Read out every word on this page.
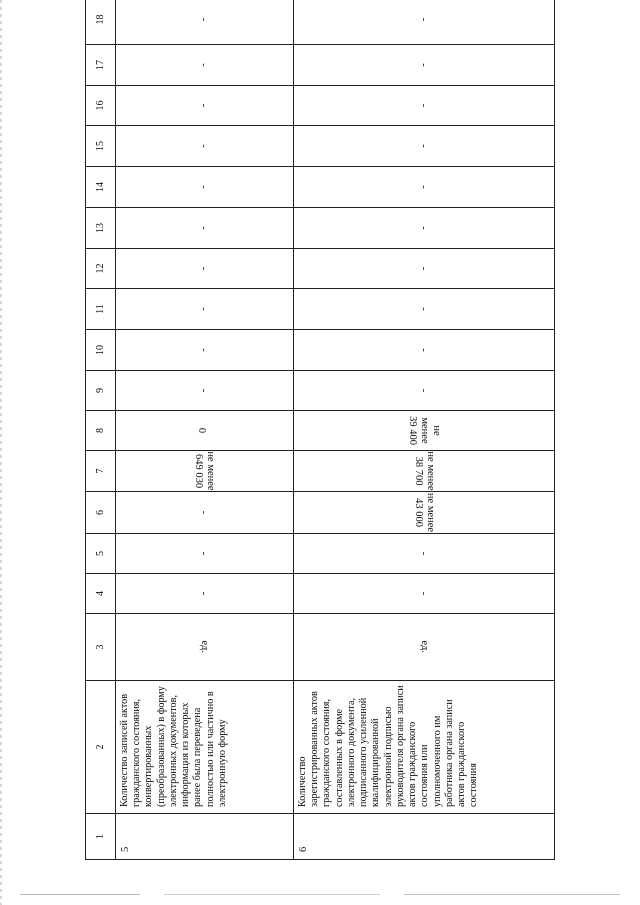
1	2	3	4	5	6	7	8	9	10	11	12	13	14	15	16	17	18
5	Количество записей актов гражданского состояния, конвертированных (преобразованных) в форму электронных документов, информация из которых ранее была переведена полностью или частично в электронную форму	ед.	-	-	-	не менее 649 030	0	-	-	-	-	-	-	-	-	-	-
6	Количество зарегистрированных актов гражданского состояния, составленных в форме электронного документа, подписанного усиленной квалифицированной электронной подписью руководителя органа записи актов гражданского состояния или уполномоченного им работника органа записи актов гражданского состояния	ед.	-	-	не менее 43 000	не менее 38 700	не менее 39 400	-	-	-	-	-	-	-	-	-	-
